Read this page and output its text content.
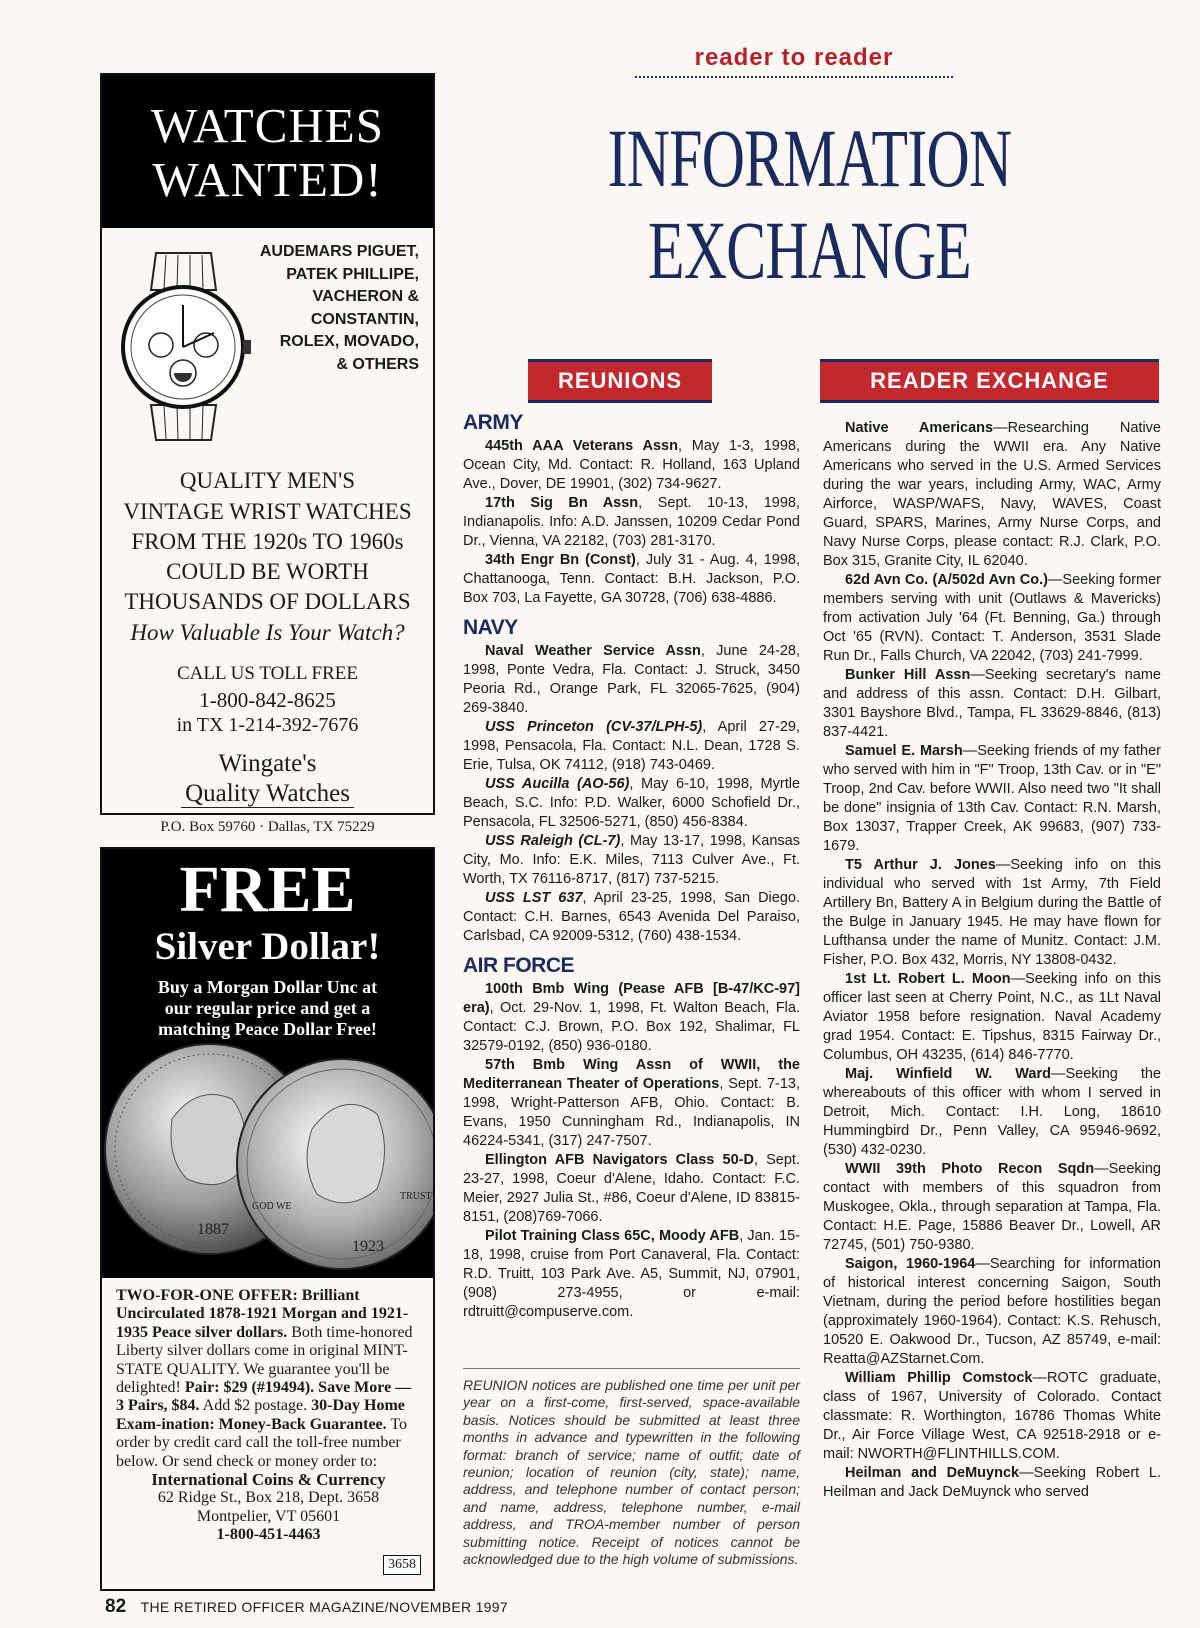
WATCHES
WANTED!
AUDEMARS PIGUET,
PATEK PHILLIPE,
VACHERON &
CONSTANTIN,
ROLEX, MOVADO,
& OTHERS
QUALITY MEN'S
VINTAGE WRIST WATCHES
FROM THE 1920s TO 1960s
COULD BE WORTH
THOUSANDS OF DOLLARS
How Valuable Is Your Watch?
CALL US TOLL FREE
1-800-842-8625
in TX 1-214-392-7676
Wingate's
Quality Watches
P.O. Box 59760 · Dallas, TX 75229
FREE
Silver Dollar!
Buy a Morgan Dollar Unc at
our regular price and get a
matching Peace Dollar Free!
1887
GOD WE
TRUST
1923
TWO-FOR-ONE OFFER: Brilliant Uncirculated 1878-1921 Morgan and 1921-1935 Peace silver dollars. Both time-honored Liberty silver dollars come in original MINT-STATE QUALITY. We guarantee you'll be delighted! Pair: $29 (#19494). Save More — 3 Pairs, $84. Add $2 postage. 30-Day Home Exam-ination: Money-Back Guarantee. To order by credit card call the toll-free number below. Or send check or money order to:
International Coins & Currency
62 Ridge St., Box 218, Dept. 3658
Montpelier, VT 05601
1-800-451-4463
3658
82 THE RETIRED OFFICER MAGAZINE/NOVEMBER 1997
reader to reader
INFORMATION
EXCHANGE
REUNIONS	READER EXCHANGE
ARMY

445th AAA Veterans Assn, May 1-3, 1998, Ocean City, Md. Contact: R. Holland, 163 Upland Ave., Dover, DE 19901, (302) 734-9627.

17th Sig Bn Assn, Sept. 10-13, 1998, Indianapolis. Info: A.D. Janssen, 10209 Cedar Pond Dr., Vienna, VA 22182, (703) 281-3170.

34th Engr Bn (Const), July 31 - Aug. 4, 1998, Chattanooga, Tenn. Contact: B.H. Jackson, P.O. Box 703, La Fayette, GA 30728, (706) 638-4886.

NAVY

Naval Weather Service Assn, June 24-28, 1998, Ponte Vedra, Fla. Contact: J. Struck, 3450 Peoria Rd., Orange Park, FL 32065-7625, (904) 269-3840.

USS Princeton (CV-37/LPH-5), April 27-29, 1998, Pensacola, Fla. Contact: N.L. Dean, 1728 S. Erie, Tulsa, OK 74112, (918) 743-0469.

USS Aucilla (AO-56), May 6-10, 1998, Myrtle Beach, S.C. Info: P.D. Walker, 6000 Schofield Dr., Pensacola, FL 32506-5271, (850) 456-8384.

USS Raleigh (CL-7), May 13-17, 1998, Kansas City, Mo. Info: E.K. Miles, 7113 Culver Ave., Ft. Worth, TX 76116-8717, (817) 737-5215.

USS LST 637, April 23-25, 1998, San Diego. Contact: C.H. Barnes, 6543 Avenida Del Paraiso, Carlsbad, CA 92009-5312, (760) 438-1534.

AIR FORCE

100th Bmb Wing (Pease AFB [B-47/KC-97] era), Oct. 29-Nov. 1, 1998, Ft. Walton Beach, Fla. Contact: C.J. Brown, P.O. Box 192, Shalimar, FL 32579-0192, (850) 936-0180.

57th Bmb Wing Assn of WWII, the Mediterranean Theater of Operations, Sept. 7-13, 1998, Wright-Patterson AFB, Ohio. Contact: B. Evans, 1950 Cunningham Rd., Indianapolis, IN 46224-5341, (317) 247-7507.

Ellington AFB Navigators Class 50-D, Sept. 23-27, 1998, Coeur d'Alene, Idaho. Contact: F.C. Meier, 2927 Julia St., #86, Coeur d'Alene, ID 83815-8151, (208)769-7066.

Pilot Training Class 65C, Moody AFB, Jan. 15-18, 1998, cruise from Port Canaveral, Fla. Contact: R.D. Truitt, 103 Park Ave. A5, Summit, NJ, 07901, (908) 273-4955, or e-mail: rdtruitt@compuserve.com.

REUNION notices are published one time per unit per year on a first-come, first-served, space-available basis. Notices should be submitted at least three months in advance and typewritten in the following format: branch of service; name of outfit; date of reunion; location of reunion (city, state); name, address, and telephone number of contact person; and name, address, telephone number, e-mail address, and TROA-member number of person submitting notice. Receipt of notices cannot be acknowledged due to the high volume of submissions.

Native Americans—Researching Native Americans during the WWII era. Any Native Americans who served in the U.S. Armed Services during the war years, including Army, WAC, Army Airforce, WASP/WAFS, Navy, WAVES, Coast Guard, SPARS, Marines, Army Nurse Corps, and Navy Nurse Corps, please contact: R.J. Clark, P.O. Box 315, Granite City, IL 62040.

62d Avn Co. (A/502d Avn Co.)—Seeking former members serving with unit (Outlaws & Mavericks) from activation July '64 (Ft. Benning, Ga.) through Oct '65 (RVN). Contact: T. Anderson, 3531 Slade Run Dr., Falls Church, VA 22042, (703) 241-7999.

Bunker Hill Assn—Seeking secretary's name and address of this assn. Contact: D.H. Gilbart, 3301 Bayshore Blvd., Tampa, FL 33629-8846, (813) 837-4421.

Samuel E. Marsh—Seeking friends of my father who served with him in "F" Troop, 13th Cav. or in "E" Troop, 2nd Cav. before WWII. Also need two "It shall be done" insignia of 13th Cav. Contact: R.N. Marsh, Box 13037, Trapper Creek, AK 99683, (907) 733-1679.

T5 Arthur J. Jones—Seeking info on this individual who served with 1st Army, 7th Field Artillery Bn, Battery A in Belgium during the Battle of the Bulge in January 1945. He may have flown for Lufthansa under the name of Munitz. Contact: J.M. Fisher, P.O. Box 432, Morris, NY 13808-0432.

1st Lt. Robert L. Moon—Seeking info on this officer last seen at Cherry Point, N.C., as 1Lt Naval Aviator 1958 before resignation. Naval Academy grad 1954. Contact: E. Tipshus, 8315 Fairway Dr., Columbus, OH 43235, (614) 846-7770.

Maj. Winfield W. Ward—Seeking the whereabouts of this officer with whom I served in Detroit, Mich. Contact: I.H. Long, 18610 Hummingbird Dr., Penn Valley, CA 95946-9692, (530) 432-0230.

WWII 39th Photo Recon Sqdn—Seeking contact with members of this squadron from Muskogee, Okla., through separation at Tampa, Fla. Contact: H.E. Page, 15886 Beaver Dr., Lowell, AR 72745, (501) 750-9380.

Saigon, 1960-1964—Searching for information of historical interest concerning Saigon, South Vietnam, during the period before hostilities began (approximately 1960-1964). Contact: K.S. Rehusch, 10520 E. Oakwood Dr., Tucson, AZ 85749, e-mail: Reatta@AZStarnet.Com.

William Phillip Comstock—ROTC graduate, class of 1967, University of Colorado. Contact classmate: R. Worthington, 16786 Thomas White Dr., Air Force Village West, CA 92518-2918 or e-mail: NWORTH@FLINTHILLS.COM.

Heilman and DeMuynck—Seeking Robert L. Heilman and Jack DeMuynck who served
